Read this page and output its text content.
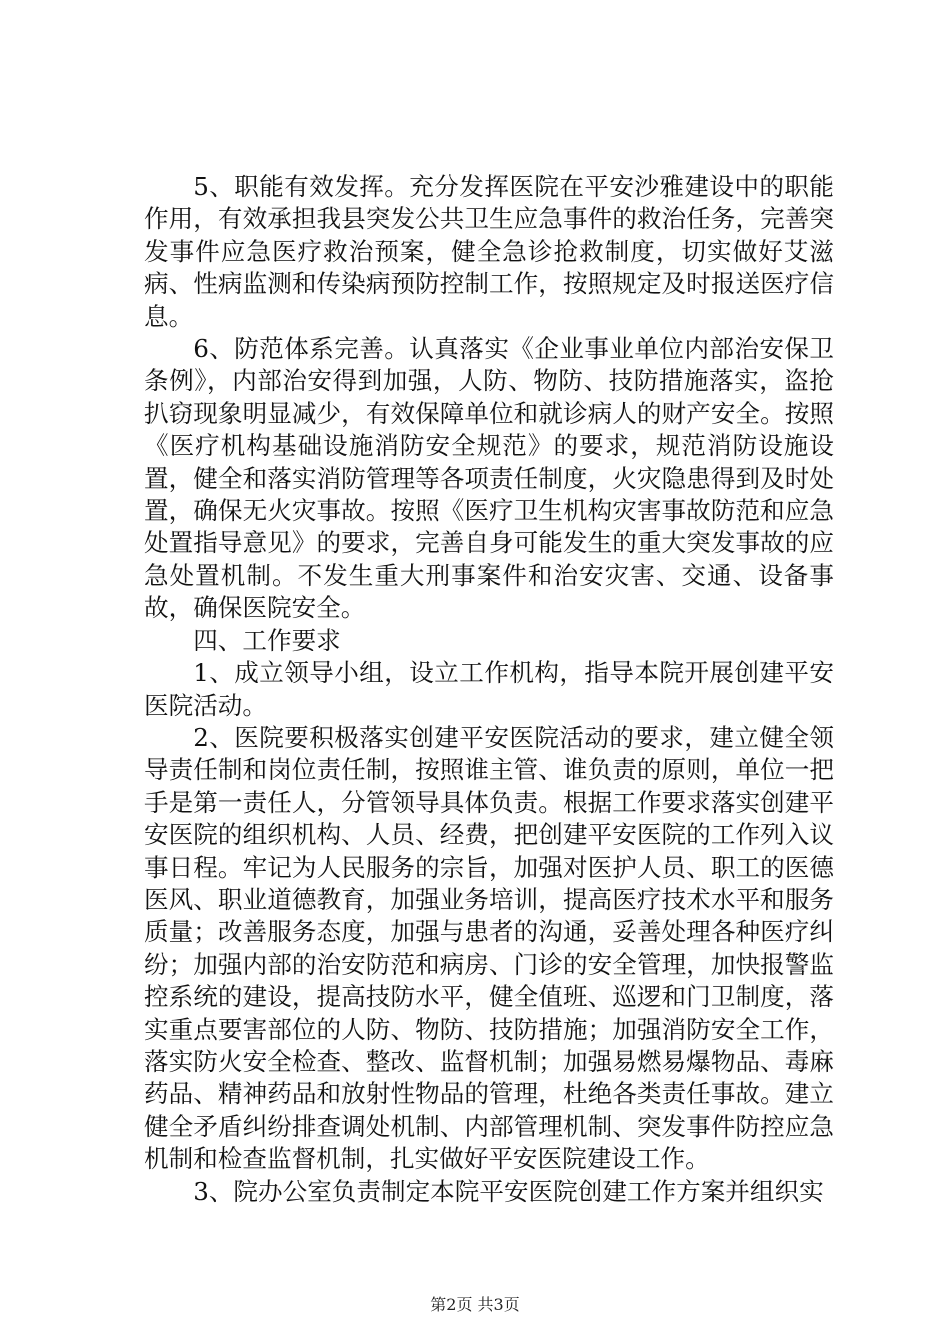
5、职能有效发挥。充分发挥医院在平安沙雅建设中的职能作用，有效承担我县突发公共卫生应急事件的救治任务，完善突发事件应急医疗救治预案，健全急诊抢救制度，切实做好艾滋病、性病监测和传染病预防控制工作，按照规定及时报送医疗信息。

6、防范体系完善。认真落实《企业事业单位内部治安保卫条例》，内部治安得到加强，人防、物防、技防措施落实，盗抢扒窃现象明显减少，有效保障单位和就诊病人的财产安全。按照《医疗机构基础设施消防安全规范》的要求，规范消防设施设置，健全和落实消防管理等各项责任制度，火灾隐患得到及时处置，确保无火灾事故。按照《医疗卫生机构灾害事故防范和应急处置指导意见》的要求，完善自身可能发生的重大突发事故的应急处置机制。不发生重大刑事案件和治安灾害、交通、设备事故，确保医院安全。

四、工作要求

1、成立领导小组，设立工作机构，指导本院开展创建平安医院活动。

2、医院要积极落实创建平安医院活动的要求，建立健全领导责任制和岗位责任制，按照谁主管、谁负责的原则，单位一把手是第一责任人，分管领导具体负责。根据工作要求落实创建平安医院的组织机构、人员、经费，把创建平安医院的工作列入议事日程。牢记为人民服务的宗旨，加强对医护人员、职工的医德医风、职业道德教育，加强业务培训，提高医疗技术水平和服务质量；改善服务态度，加强与患者的沟通，妥善处理各种医疗纠纷；加强内部的治安防范和病房、门诊的安全管理，加快报警监控系统的建设，提高技防水平，健全值班、巡逻和门卫制度，落实重点要害部位的人防、物防、技防措施；加强消防安全工作，落实防火安全检查、整改、监督机制；加强易燃易爆物品、毒麻药品、精神药品和放射性物品的管理，杜绝各类责任事故。建立健全矛盾纠纷排查调处机制、内部管理机制、突发事件防控应急机制和检查监督机制，扎实做好平安医院建设工作。

3、院办公室负责制定本院平安医院创建工作方案并组织实

第2页 共3页
